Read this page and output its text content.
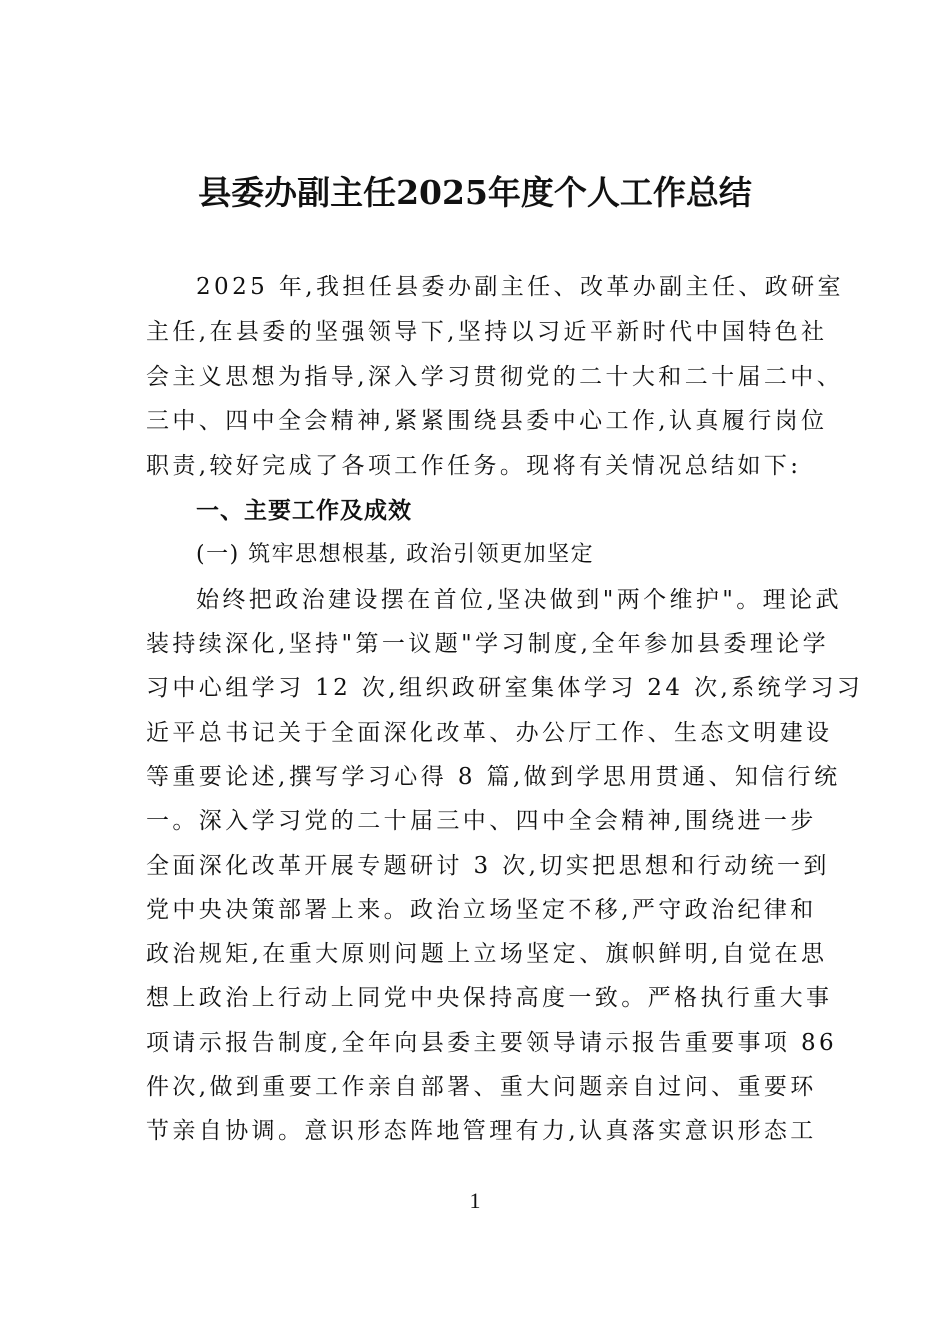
县委办副主任2025年度个人工作总结
2025 年,我担任县委办副主任、改革办副主任、政研室
主任,在县委的坚强领导下,坚持以习近平新时代中国特色社
会主义思想为指导,深入学习贯彻党的二十大和二十届二中、
三中、四中全会精神,紧紧围绕县委中心工作,认真履行岗位
职责,较好完成了各项工作任务。现将有关情况总结如下:
一、主要工作及成效
(一) 筑牢思想根基, 政治引领更加坚定
始终把政治建设摆在首位,坚决做到"两个维护"。理论武
装持续深化,坚持"第一议题"学习制度,全年参加县委理论学
习中心组学习 12 次,组织政研室集体学习 24 次,系统学习习
近平总书记关于全面深化改革、办公厅工作、生态文明建设
等重要论述,撰写学习心得 8 篇,做到学思用贯通、知信行统
一。深入学习党的二十届三中、四中全会精神,围绕进一步
全面深化改革开展专题研讨 3 次,切实把思想和行动统一到
党中央决策部署上来。政治立场坚定不移,严守政治纪律和
政治规矩,在重大原则问题上立场坚定、旗帜鲜明,自觉在思
想上政治上行动上同党中央保持高度一致。严格执行重大事
项请示报告制度,全年向县委主要领导请示报告重要事项 86
件次,做到重要工作亲自部署、重大问题亲自过问、重要环
节亲自协调。意识形态阵地管理有力,认真落实意识形态工
1
